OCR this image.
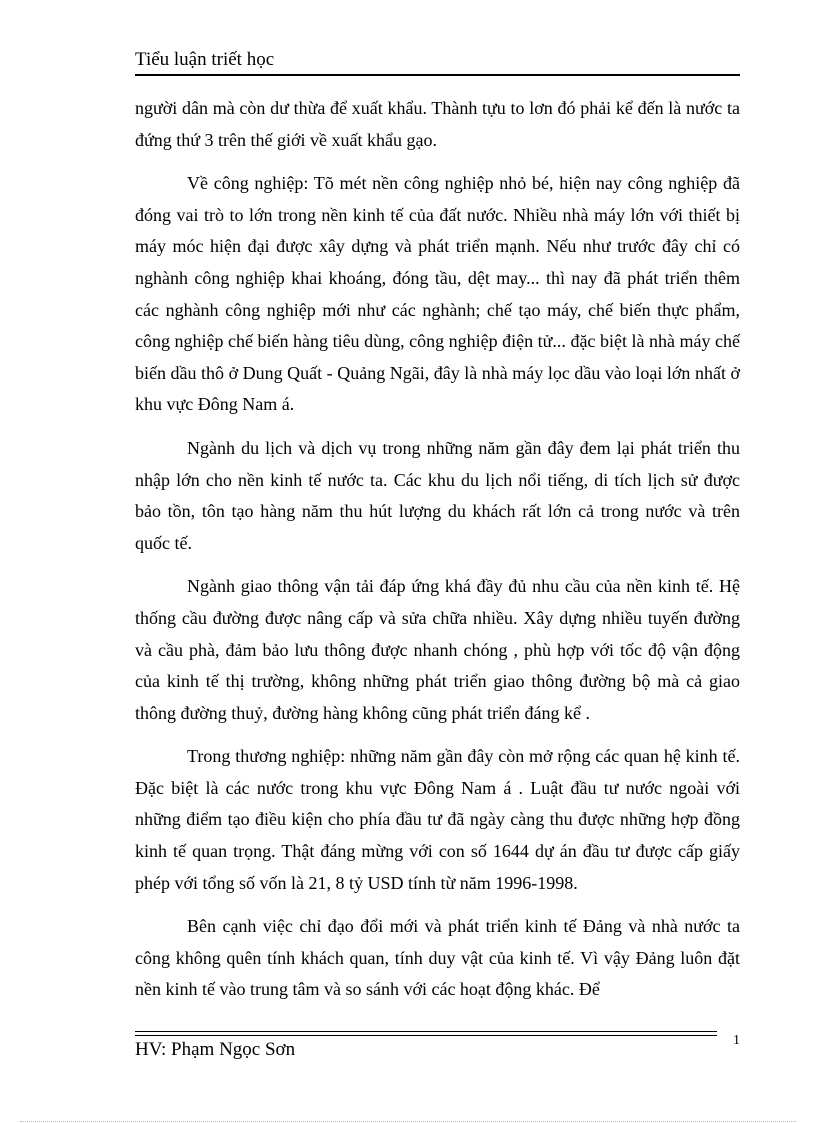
Tiểu luận triết học

người dân mà còn dư thừa để xuất khẩu. Thành tựu to lơn đó phải kể đến là nước ta đứng thứ 3 trên thế giới về xuất khẩu gạo.

Về công nghiệp: Tõ mét nền công nghiệp nhỏ bé, hiện nay công nghiệp đã đóng vai trò to lớn trong nền kinh tế của đất nước. Nhiều nhà máy lớn với thiết bị máy móc hiện đại được xây dựng và phát triển mạnh. Nếu như trước đây chỉ có nghành công nghiệp khai khoáng, đóng tầu, dệt may... thì nay đã phát triển thêm các nghành công nghiệp mới như các nghành; chế tạo máy, chế biến thực phẩm, công nghiệp chế biến hàng tiêu dùng, công nghiệp điện tử... đặc biệt là nhà máy chế biến dầu thô ở Dung Quất - Quảng Ngãi, đây là nhà máy lọc dầu vào loại lớn nhất ở khu vực Đông Nam á.

Ngành du lịch và dịch vụ trong những năm gần đây đem lại phát triển thu nhập lớn cho nền kinh tế nước ta. Các khu du lịch nổi tiếng, di tích lịch sử được bảo tồn, tôn tạo hàng năm thu hút lượng du khách rất lớn cả trong nước và trên quốc tế.

Ngành giao thông vận tải đáp ứng khá đầy đủ nhu cầu của nền kinh tế. Hệ thống cầu đường được nâng cấp và sửa chữa nhiều. Xây dựng nhiều tuyến đường và cầu phà, đảm bảo lưu thông được nhanh chóng , phù hợp với tốc độ vận động của kinh tế thị trường, không những phát triển giao thông đường bộ mà cả giao thông đường thuỷ, đường hàng không cũng phát triển đáng kể .

Trong thương nghiệp: những năm gần đây còn mở rộng các quan hệ kinh tế. Đặc biệt là các nước trong khu vực Đông Nam á . Luật đầu tư nước ngoài với những điểm tạo điều kiện cho phía đầu tư đã ngày càng thu được những hợp đồng kinh tế quan trọng. Thật đáng mừng với con số 1644 dự án đầu tư được cấp giấy phép với tổng số vốn là 21, 8 tỷ USD tính từ năm 1996-1998.

Bên cạnh việc chỉ đạo đổi mới và phát triển kinh tế Đảng và nhà nước ta công không quên tính khách quan, tính duy vật của kinh tế. Vì vậy Đảng luôn đặt nền kinh tế vào trung tâm và so sánh với các hoạt động khác. Để

HV: Phạm Ngọc Sơn	1
